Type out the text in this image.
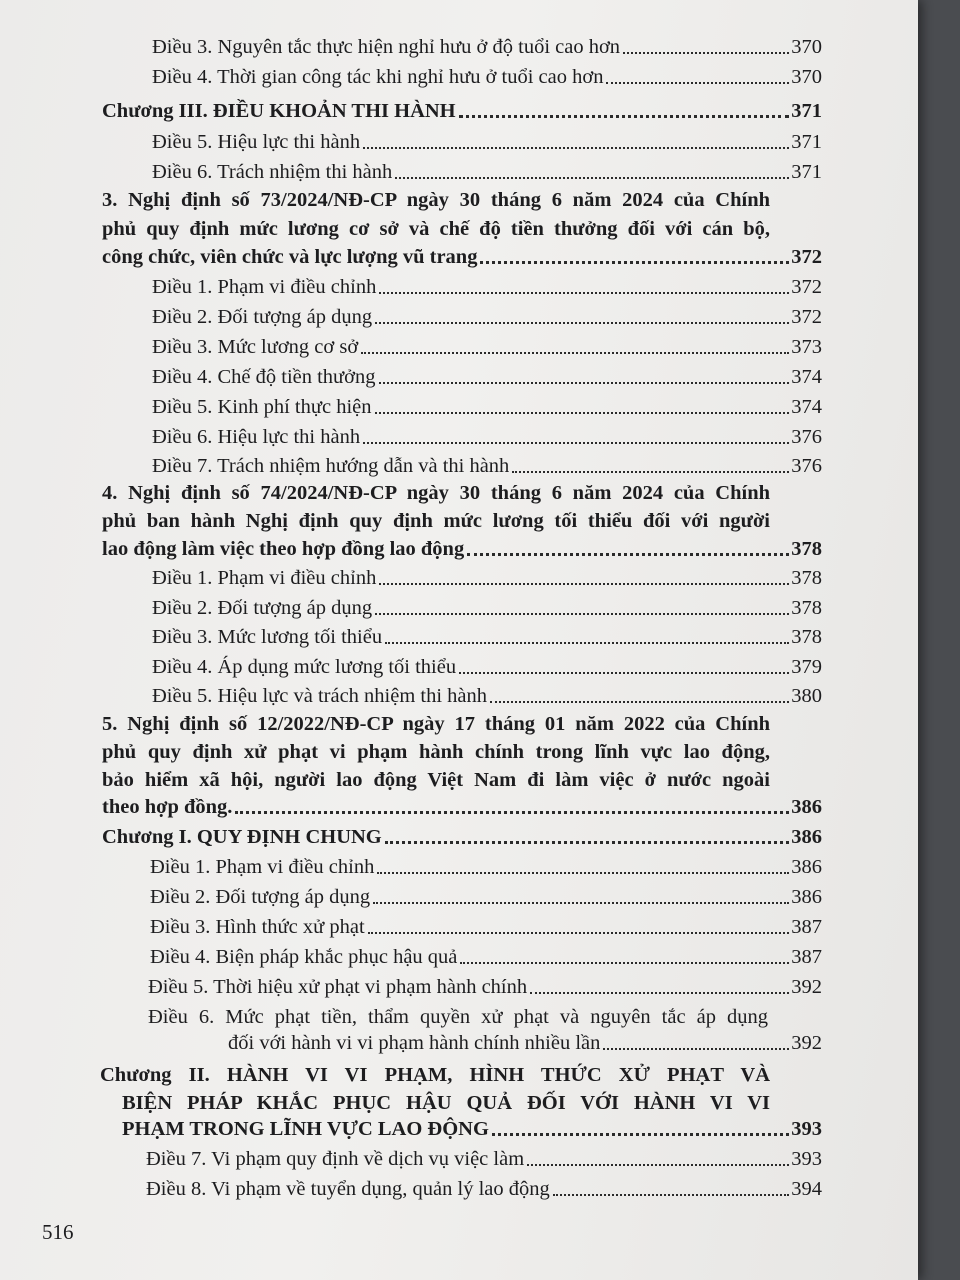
Điều 3. Nguyên tắc thực hiện nghỉ hưu ở độ tuổi cao hơn	370
Điều 4. Thời gian công tác khi nghỉ hưu ở tuổi cao hơn	370
Chương III. ĐIỀU KHOẢN THI HÀNH	371
Điều 5. Hiệu lực thi hành	371
Điều 6. Trách nhiệm thi hành	371
3. Nghị định số 73/2024/NĐ-CP ngày 30 tháng 6 năm 2024 của Chính
phủ quy định mức lương cơ sở và chế độ tiền thưởng đối với cán bộ,
công chức, viên chức và lực lượng vũ trang	372
Điều 1. Phạm vi điều chỉnh	372
Điều 2. Đối tượng áp dụng	372
Điều 3. Mức lương cơ sở	373
Điều 4. Chế độ tiền thưởng	374
Điều 5. Kinh phí thực hiện	374
Điều 6. Hiệu lực thi hành	376
Điều 7. Trách nhiệm hướng dẫn và thi hành	376
4. Nghị định số 74/2024/NĐ-CP ngày 30 tháng 6 năm 2024 của Chính
phủ ban hành Nghị định quy định mức lương tối thiểu đối với người
lao động làm việc theo hợp đồng lao động	378
Điều 1. Phạm vi điều chỉnh	378
Điều 2. Đối tượng áp dụng	378
Điều 3. Mức lương tối thiểu	378
Điều 4. Áp dụng mức lương tối thiểu	379
Điều 5. Hiệu lực và trách nhiệm thi hành	380
5. Nghị định số 12/2022/NĐ-CP ngày 17 tháng 01 năm 2022 của Chính
phủ quy định xử phạt vi phạm hành chính trong lĩnh vực lao động,
bảo hiểm xã hội, người lao động Việt Nam đi làm việc ở nước ngoài
theo hợp đồng.	386
Chương I. QUY ĐỊNH CHUNG	386
Điều 1. Phạm vi điều chỉnh	386
Điều 2. Đối tượng áp dụng	386
Điều 3. Hình thức xử phạt	387
Điều 4. Biện pháp khắc phục hậu quả	387
Điều 5. Thời hiệu xử phạt vi phạm hành chính	392
Điều 6. Mức phạt tiền, thẩm quyền xử phạt và nguyên tắc áp dụng
đối với hành vi vi phạm hành chính nhiều lần	392
Chương II. HÀNH VI VI PHẠM, HÌNH THỨC XỬ PHẠT VÀ
BIỆN PHÁP KHẮC PHỤC HẬU QUẢ ĐỐI VỚI HÀNH VI VI
PHẠM TRONG LĨNH VỰC LAO ĐỘNG	393
Điều 7. Vi phạm quy định về dịch vụ việc làm	393
Điều 8. Vi phạm về tuyển dụng, quản lý lao động	394
516
